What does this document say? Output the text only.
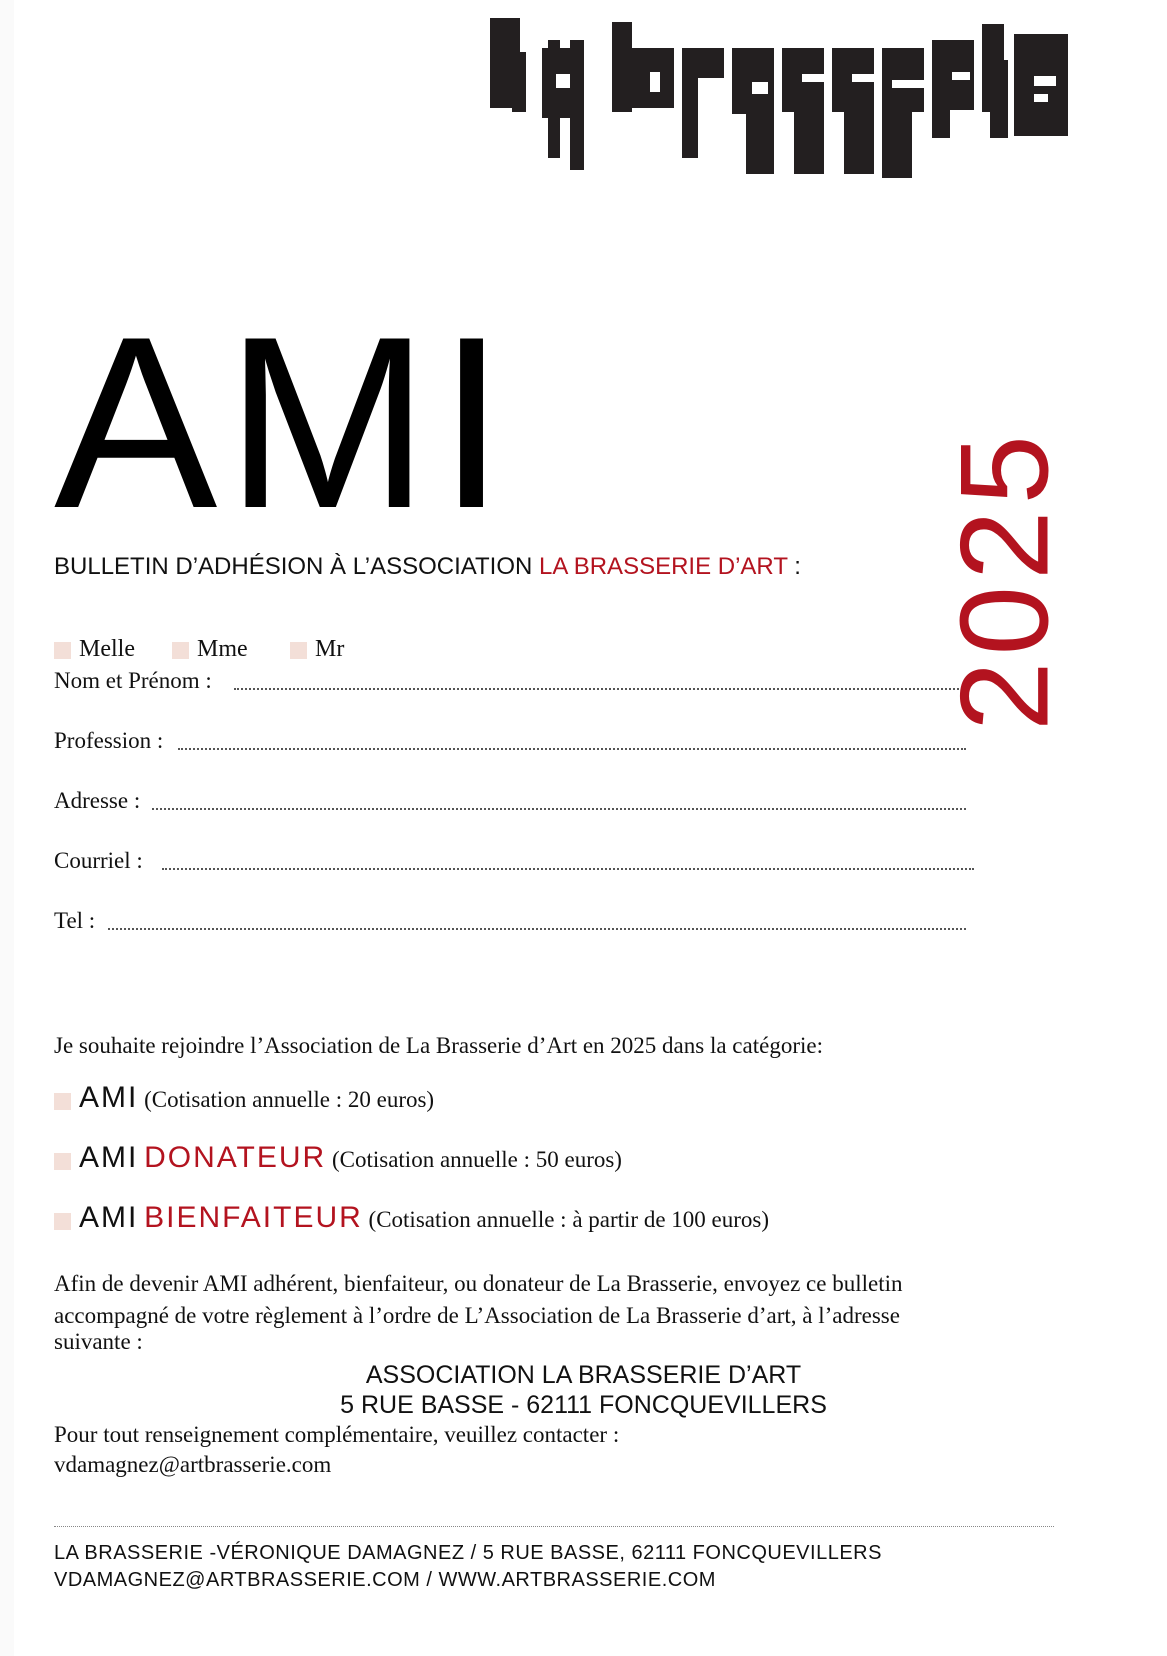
AMI
2025
BULLETIN D’ADHÉSION À L’ASSOCIATION LA BRASSERIE D’ART :
Melle	Mme	Mr
Nom et Prénom :
Profession :
Adresse :
Courriel :
Tel :
Je souhaite rejoindre l’Association de La Brasserie d’Art en 2025 dans la catégorie:
AMI (Cotisation annuelle : 20 euros)
AMI DONATEUR (Cotisation annuelle : 50 euros)
AMI BIENFAITEUR (Cotisation annuelle : à partir de 100 euros)
Afin de devenir AMI adhérent, bienfaiteur, ou donateur de La Brasserie, envoyez ce bulletin
accompagné de votre règlement à l’ordre de L’Association de La Brasserie d’art, à l’adresse
suivante :
ASSOCIATION LA BRASSERIE D’ART
5 RUE BASSE - 62111 FONCQUEVILLERS
Pour tout renseignement complémentaire, veuillez contacter :
vdamagnez@artbrasserie.com
LA BRASSERIE -VÉRONIQUE DAMAGNEZ / 5 RUE BASSE, 62111 FONCQUEVILLERS
VDAMAGNEZ@ARTBRASSERIE.COM / WWW.ARTBRASSERIE.COM
